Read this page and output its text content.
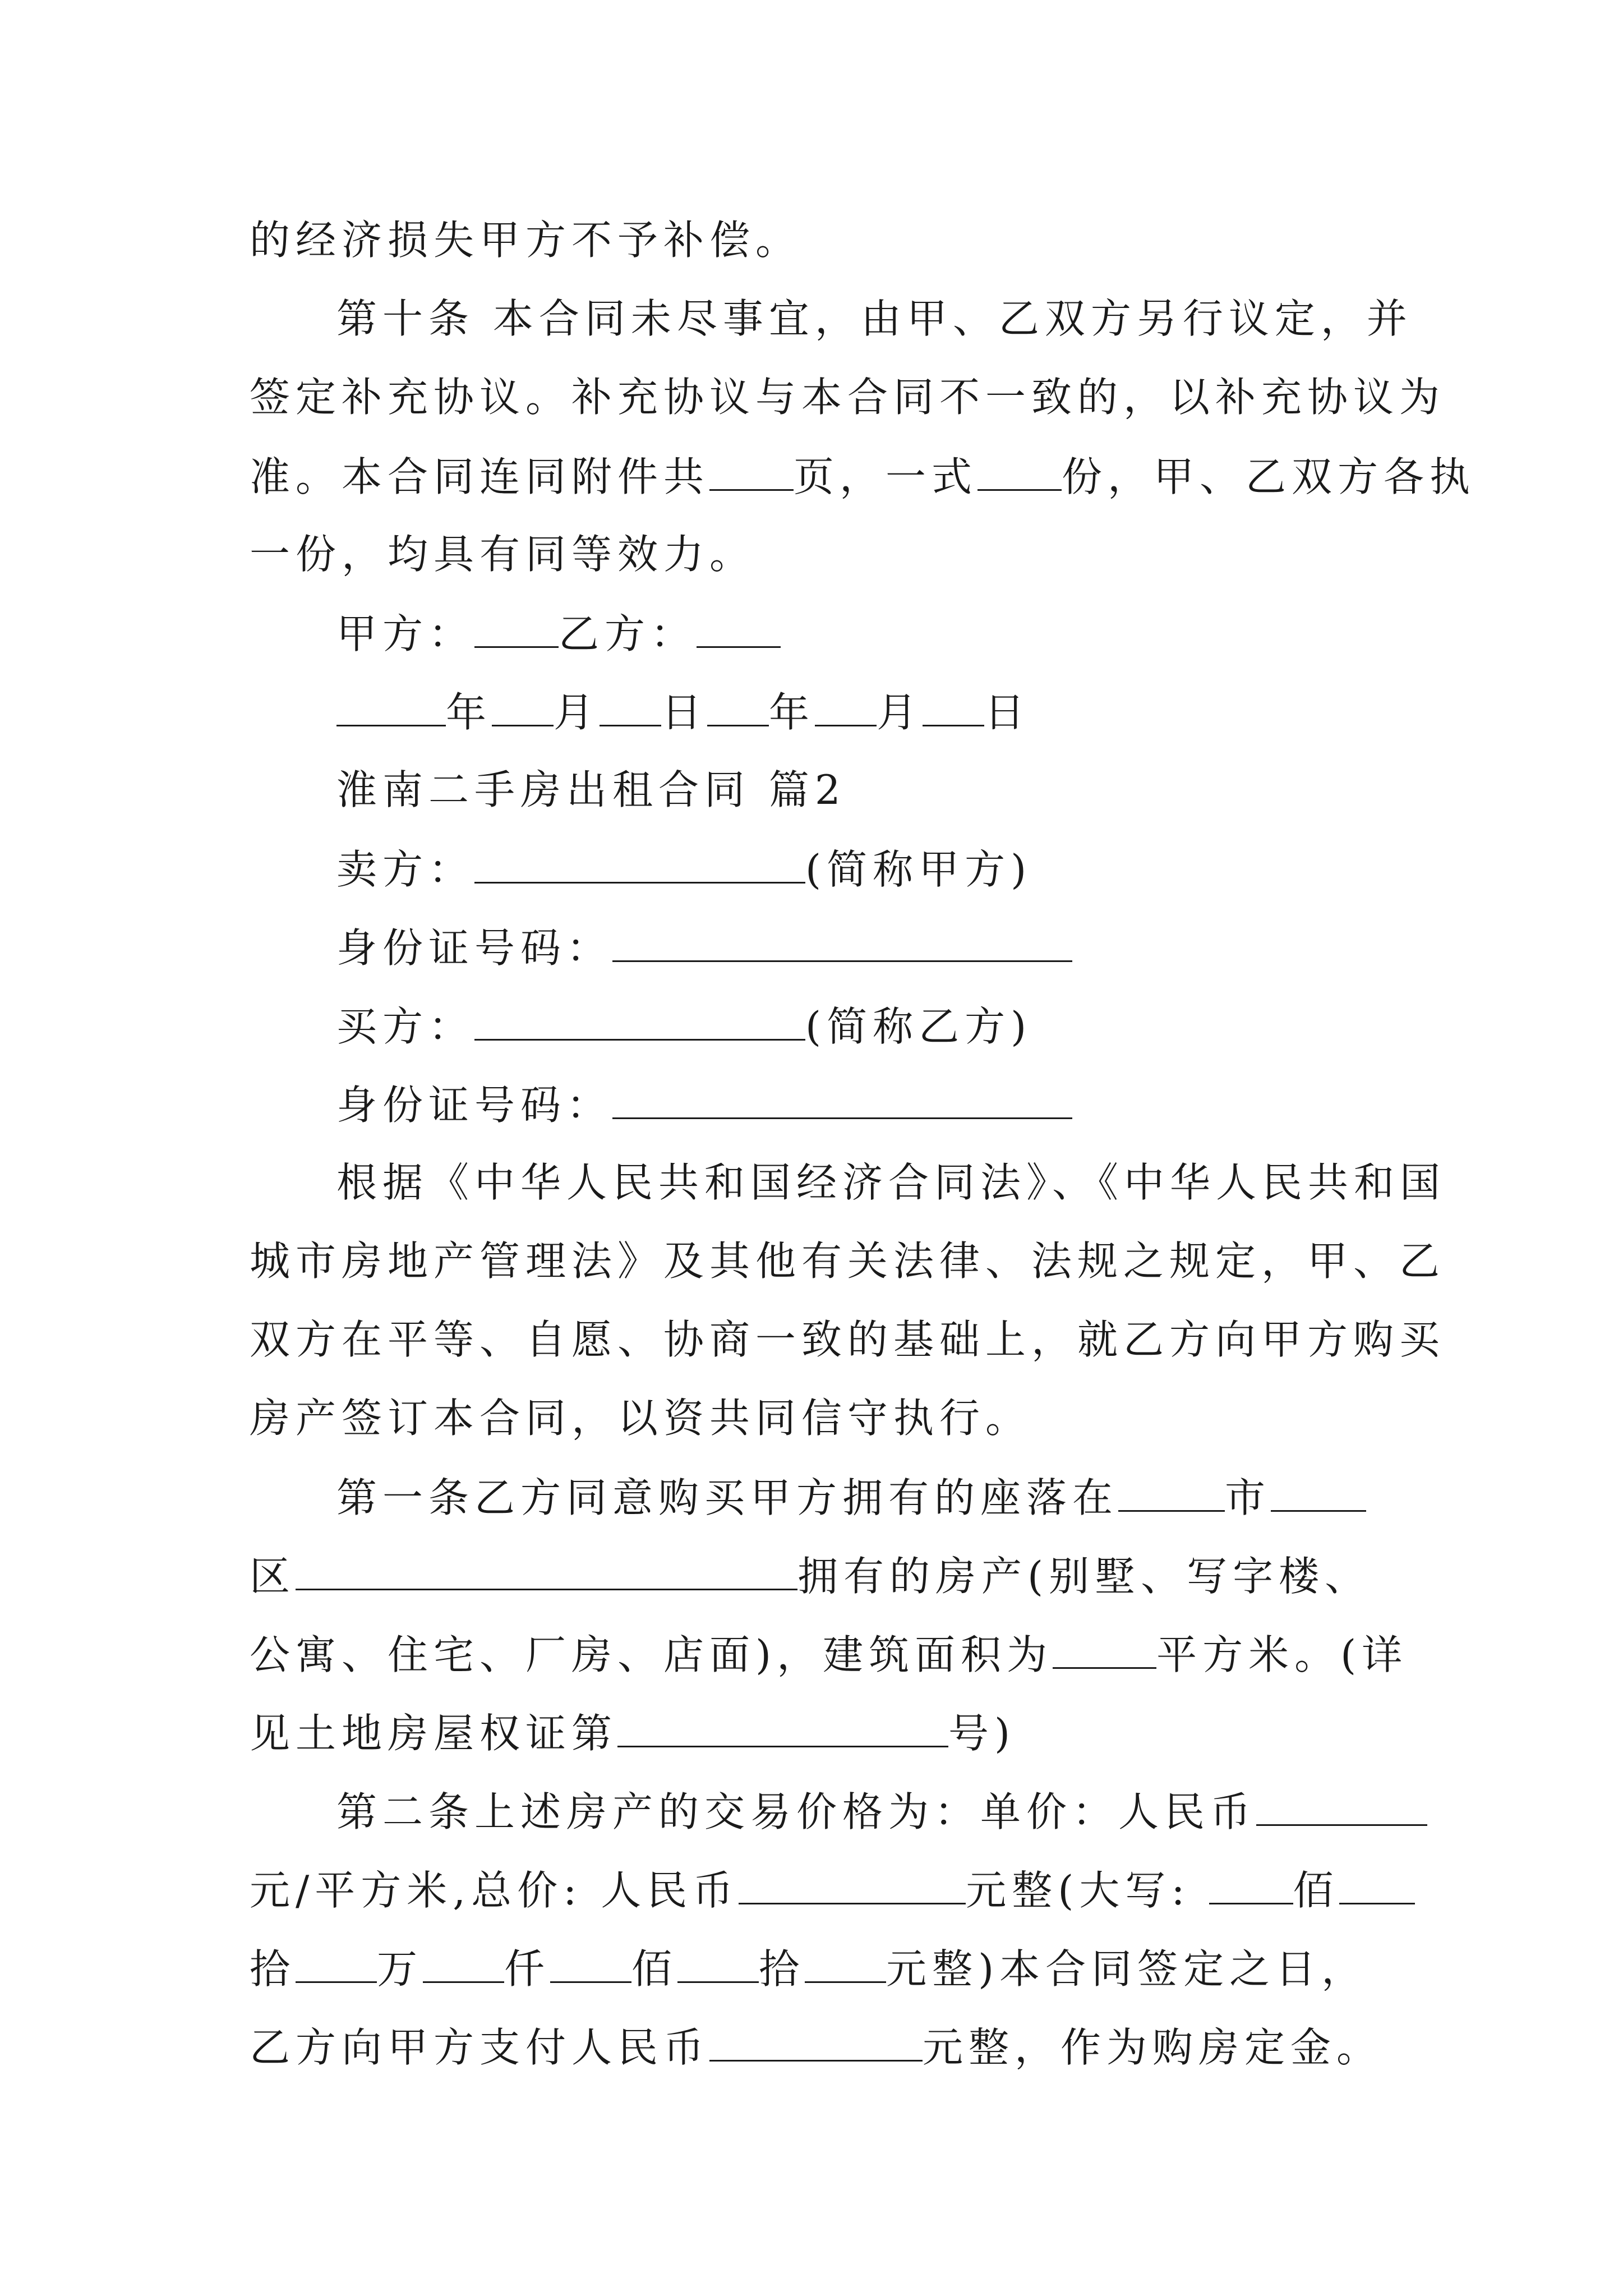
的经济损失甲方不予补偿。
第十条 本合同未尽事宜，由甲、乙双方另行议定，并
签定补充协议。补充协议与本合同不一致的，以补充协议为
准。本合同连同附件共 页，一式 份，甲、乙双方各执
一份，均具有同等效力。
甲方： 乙方：
年 月 日 年 月 日
淮南二手房出租合同 篇2
卖方：	(简称甲方)
身份证号码：
买方：	(简称乙方)
身份证号码：
根据《中华人民共和国经济合同法》、《中华人民共和国
城市房地产管理法》及其他有关法律、法规之规定，甲、乙
双方在平等、自愿、协商一致的基础上，就乙方向甲方购买
房产签订本合同，以资共同信守执行。
第一条乙方同意购买甲方拥有的座落在	市
区	拥有的房产(别墅、写字楼、
公寓、住宅、厂房、店面)，建筑面积为	平方米。(详
见土地房屋权证第	号)
第二条上述房产的交易价格为：单价：人民币
元/平方米,总价: 人民币	元整(大写: 佰
拾 万 仟 佰 拾 元整)本合同签定之日，
乙方向甲方支付人民币	元整，作为购房定金。
